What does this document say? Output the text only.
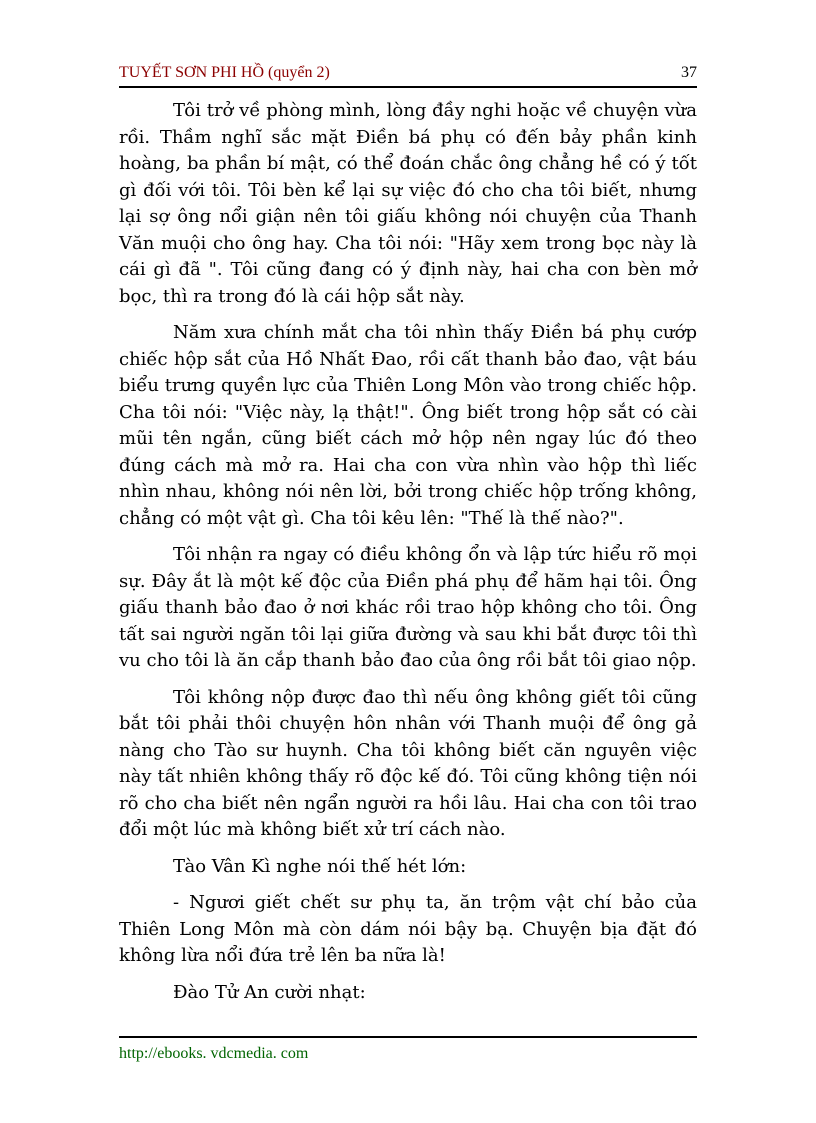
TUYẾT SƠN PHI HỒ (quyển 2)	37

Tôi trở về phòng mình, lòng đầy nghi hoặc về chuyện vừa rồi. Thầm nghĩ sắc mặt Điền bá phụ có đến bảy phần kinh hoàng, ba phần bí mật, có thể đoán chắc ông chẳng hề có ý tốt gì đối với tôi. Tôi bèn kể lại sự việc đó cho cha tôi biết, nhưng lại sợ ông nổi giận nên tôi giấu không nói chuyện của Thanh Văn muội cho ông hay. Cha tôi nói: "Hãy xem trong bọc này là cái gì đã ". Tôi cũng đang có ý định này, hai cha con bèn mở bọc, thì ra trong đó là cái hộp sắt này.

Năm xưa chính mắt cha tôi nhìn thấy Điền bá phụ cướp chiếc hộp sắt của Hồ Nhất Đao, rồi cất thanh bảo đao, vật báu biểu trưng quyền lực của Thiên Long Môn vào trong chiếc hộp. Cha tôi nói: "Việc này, lạ thật!". Ông biết trong hộp sắt có cài mũi tên ngắn, cũng biết cách mở hộp nên ngay lúc đó theo đúng cách mà mở ra. Hai cha con vừa nhìn vào hộp thì liếc nhìn nhau, không nói nên lời, bởi trong chiếc hộp trống không, chẳng có một vật gì. Cha tôi kêu lên: "Thế là thế nào?".

Tôi nhận ra ngay có điều không ổn và lập tức hiểu rõ mọi sự. Đây ắt là một kế độc của Điền phá phụ để hãm hại tôi. Ông giấu thanh bảo đao ở nơi khác rồi trao hộp không cho tôi. Ông tất sai người ngăn tôi lại giữa đường và sau khi bắt được tôi thì vu cho tôi là ăn cắp thanh bảo đao của ông rồi bắt tôi giao nộp.

Tôi không nộp được đao thì nếu ông không giết tôi cũng bắt tôi phải thôi chuyện hôn nhân với Thanh muội để ông gả nàng cho Tào sư huynh. Cha tôi không biết căn nguyên việc này tất nhiên không thấy rõ độc kế đó. Tôi cũng không tiện nói rõ cho cha biết nên ngẩn người ra hồi lâu. Hai cha con tôi trao đổi một lúc mà không biết xử trí cách nào.

Tào Vân Kì nghe nói thế hét lớn:

- Ngươi giết chết sư phụ ta, ăn trộm vật chí bảo của Thiên Long Môn mà còn dám nói bậy bạ. Chuyện bịa đặt đó không lừa nổi đứa trẻ lên ba nữa là!

Đào Tử An cười nhạt:

http://ebooks. vdcmedia. com
